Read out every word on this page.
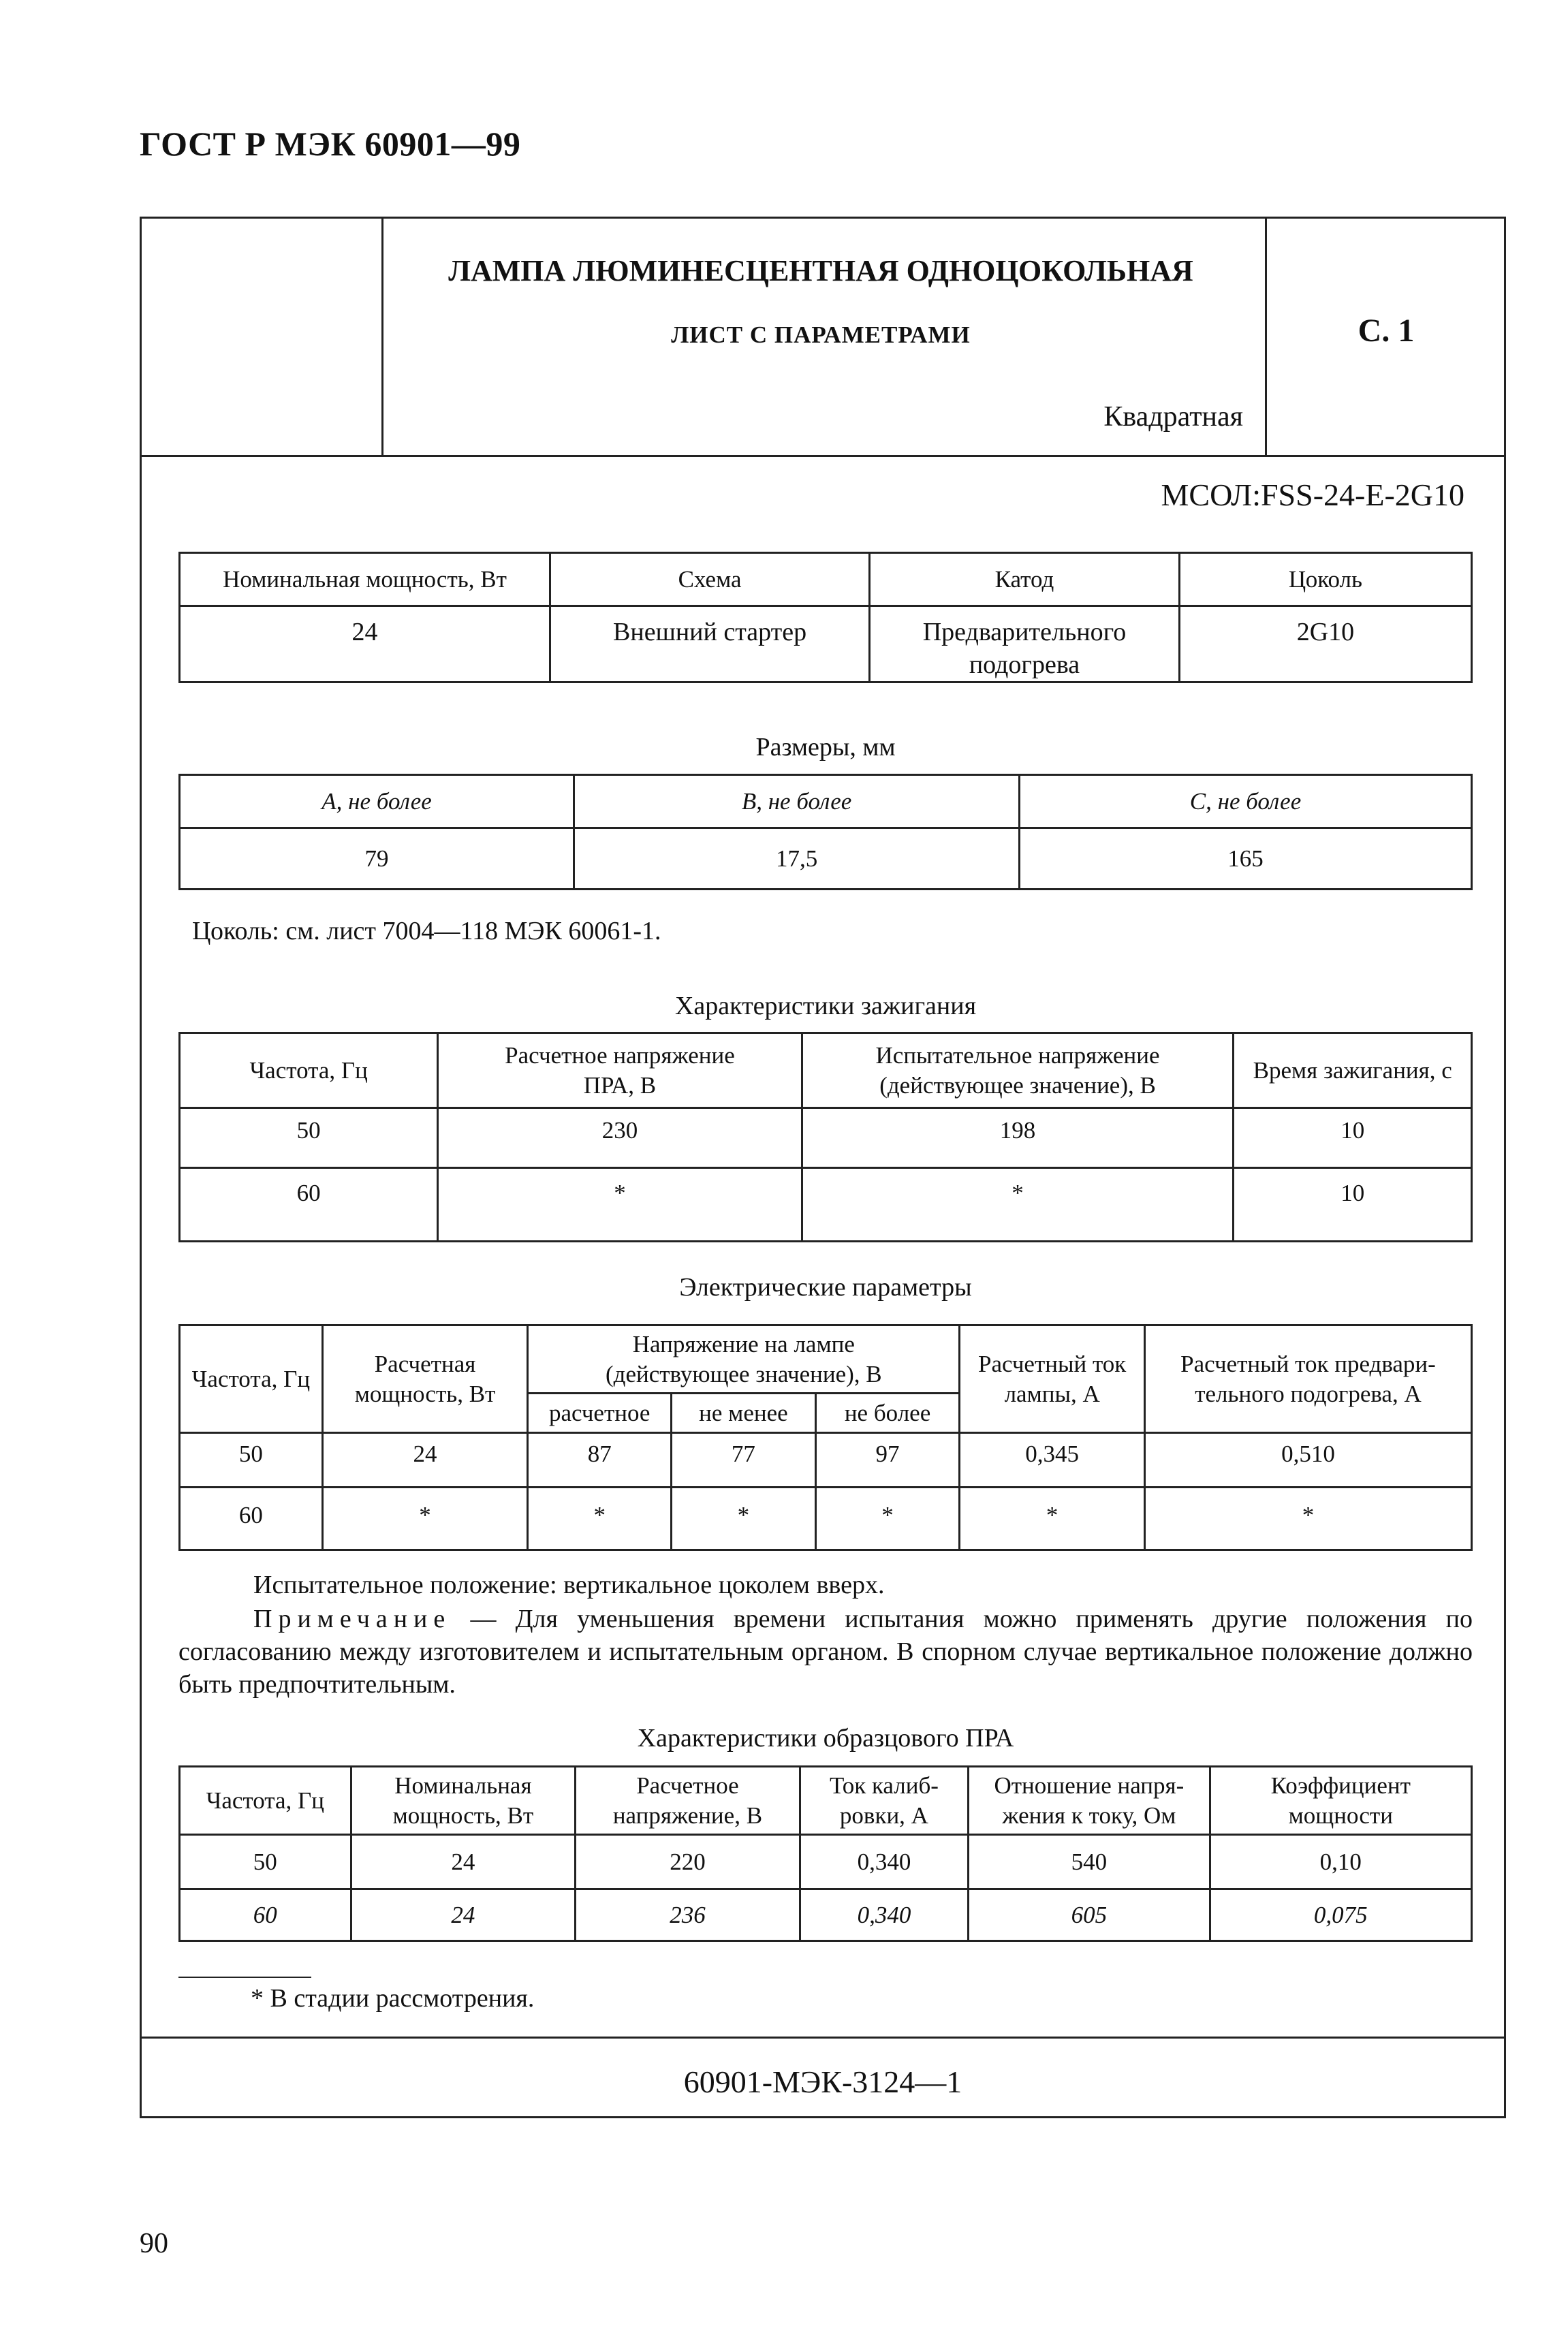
ГОСТ Р МЭК 60901—99
ЛАМПА ЛЮМИНЕСЦЕНТНАЯ ОДНОЦОКОЛЬНАЯ
ЛИСТ С ПАРАМЕТРАМИ
Квадратная
С. 1
МСОЛ:FSS-24-E-2G10
Номинальная мощность, Вт	Схема	Катод	Цоколь
24	Внешний стартер	Предварительного подогрева	2G10
Размеры, мм
A, не более	B, не более	C, не более
79	17,5	165
Цоколь: см. лист 7004—118 МЭК 60061-1.
Характеристики зажигания
Частота, Гц	Расчетное напряжение ПРА, В	Испытательное напряжение (действующее значение), В	Время зажигания, с
50	230	198	10
60	*	*	10
Электрические параметры
Частота, Гц	Расчетная мощность, Вт	Напряжение на лампе (действующее значение), В			Расчетный ток лампы, А	Расчетный ток предварительного подогрева, А
		расчетное	не менее	не более		
50	24	87	77	97	0,345	0,510
60	*	*	*	*	*	*
Испытательное положение: вертикальное цоколем вверх.
Примечание — Для уменьшения времени испытания можно применять другие положения по согласованию между изготовителем и испытательным органом. В спорном случае вертикальное положение должно быть предпочтительным.
Характеристики образцового ПРА
Частота, Гц	Номинальная мощность, Вт	Расчетное напряжение, В	Ток калибровки, А	Отношение напряжения к току, Ом	Коэффициент мощности
50	24	220	0,340	540	0,10
60	24	236	0,340	605	0,075
* В стадии рассмотрения.
60901-МЭК-3124—1
90
